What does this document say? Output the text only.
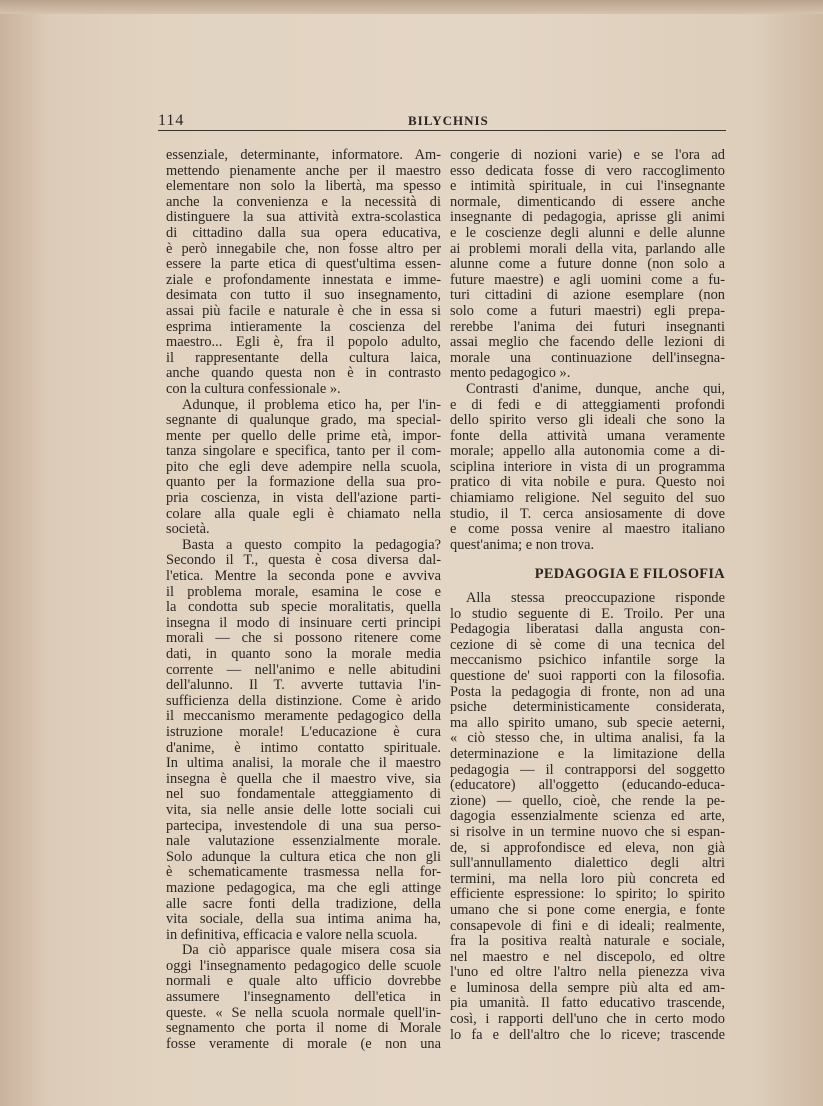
114	BILYCHNIS
essenziale, determinante, informatore. Am-
mettendo pienamente anche per il maestro
elementare non solo la libertà, ma spesso
anche la convenienza e la necessità di
distinguere la sua attività extra-scolastica
di cittadino dalla sua opera educativa,
è però innegabile che, non fosse altro per
essere la parte etica di quest'ultima essen-
ziale e profondamente innestata e imme-
desimata con tutto il suo insegnamento,
assai più facile e naturale è che in essa si
esprima intieramente la coscienza del
maestro... Egli è, fra il popolo adulto,
il rappresentante della cultura laica,
anche quando questa non è in contrasto
con la cultura confessionale ».
Adunque, il problema etico ha, per l'in-
segnante di qualunque grado, ma special-
mente per quello delle prime età, impor-
tanza singolare e specifica, tanto per il com-
pito che egli deve adempire nella scuola,
quanto per la formazione della sua pro-
pria coscienza, in vista dell'azione parti-
colare alla quale egli è chiamato nella
società.
Basta a questo compito la pedagogia?
Secondo il T., questa è cosa diversa dal-
l'etica. Mentre la seconda pone e avviva
il problema morale, esamina le cose e
la condotta sub specie moralitatis, quella
insegna il modo di insinuare certi principi
morali — che si possono ritenere come
dati, in quanto sono la morale media
corrente — nell'animo e nelle abitudini
dell'alunno. Il T. avverte tuttavia l'in-
sufficienza della distinzione. Come è arido
il meccanismo meramente pedagogico della
istruzione morale! L'educazione è cura
d'anime, è intimo contatto spirituale.
In ultima analisi, la morale che il maestro
insegna è quella che il maestro vive, sia
nel suo fondamentale atteggiamento di
vita, sia nelle ansie delle lotte sociali cui
partecipa, investendole di una sua perso-
nale valutazione essenzialmente morale.
Solo adunque la cultura etica che non gli
è schematicamente trasmessa nella for-
mazione pedagogica, ma che egli attinge
alle sacre fonti della tradizione, della
vita sociale, della sua intima anima ha,
in definitiva, efficacia e valore nella scuola.
Da ciò apparisce quale misera cosa sia
oggi l'insegnamento pedagogico delle scuole
normali e quale alto ufficio dovrebbe
assumere l'insegnamento dell'etica in
queste. « Se nella scuola normale quell'in-
segnamento che porta il nome di Morale
fosse veramente di morale (e non una
congerie di nozioni varie) e se l'ora ad
esso dedicata fosse di vero raccoglimento
e intimità spirituale, in cui l'insegnante
normale, dimenticando di essere anche
insegnante di pedagogia, aprisse gli animi
e le coscienze degli alunni e delle alunne
ai problemi morali della vita, parlando alle
alunne come a future donne (non solo a
future maestre) e agli uomini come a fu-
turi cittadini di azione esemplare (non
solo come a futuri maestri) egli prepa-
rerebbe l'anima dei futuri insegnanti
assai meglio che facendo delle lezioni di
morale una continuazione dell'insegna-
mento pedagogico ».
Contrasti d'anime, dunque, anche qui,
e di fedi e di atteggiamenti profondi
dello spirito verso gli ideali che sono la
fonte della attività umana veramente
morale; appello alla autonomia come a di-
sciplina interiore in vista di un programma
pratico di vita nobile e pura. Questo noi
chiamiamo religione. Nel seguito del suo
studio, il T. cerca ansiosamente di dove
e come possa venire al maestro italiano
quest'anima; e non trova.
PEDAGOGIA E FILOSOFIA
Alla stessa preoccupazione risponde
lo studio seguente di E. Troilo. Per una
Pedagogia liberatasi dalla angusta con-
cezione di sè come di una tecnica del
meccanismo psichico infantile sorge la
questione de' suoi rapporti con la filosofia.
Posta la pedagogia di fronte, non ad una
psiche deterministicamente considerata,
ma allo spirito umano, sub specie aeterni,
« ciò stesso che, in ultima analisi, fa la
determinazione e la limitazione della
pedagogia — il contrapporsi del soggetto
(educatore) all'oggetto (educando-educa-
zione) — quello, cioè, che rende la pe-
dagogia essenzialmente scienza ed arte,
si risolve in un termine nuovo che si espan-
de, si approfondisce ed eleva, non già
sull'annullamento dialettico degli altri
termini, ma nella loro più concreta ed
efficiente espressione: lo spirito; lo spirito
umano che si pone come energia, e fonte
consapevole di fini e di ideali; realmente,
fra la positiva realtà naturale e sociale,
nel maestro e nel discepolo, ed oltre
l'uno ed oltre l'altro nella pienezza viva
e luminosa della sempre più alta ed am-
pia umanità. Il fatto educativo trascende,
così, i rapporti dell'uno che in certo modo
lo fa e dell'altro che lo riceve; trascende
